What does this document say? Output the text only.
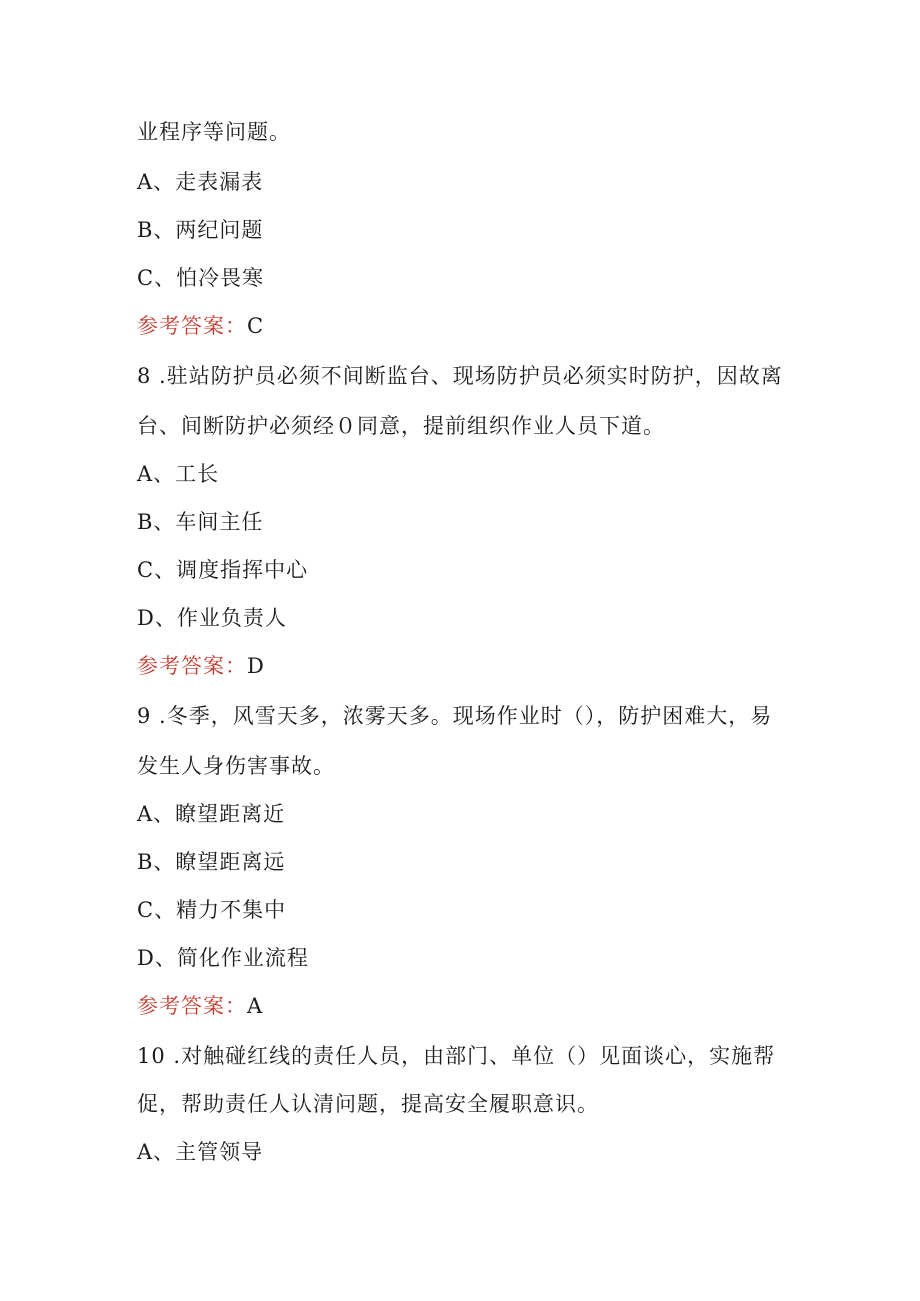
业程序等问题。
A、走表漏表
B、两纪问题
C、怕冷畏寒
参考答案：C
8 .驻站防护员必须不间断监台、现场防护员必须实时防护，因故离
台、间断防护必须经０同意，提前组织作业人员下道。
A、工长
B、车间主任
C、调度指挥中心
D、作业负责人
参考答案：D
9 .冬季，风雪天多，浓雾天多。现场作业时（），防护困难大，易
发生人身伤害事故。
A、瞭望距离近
B、瞭望距离远
C、精力不集中
D、简化作业流程
参考答案：A
10 .对触碰红线的责任人员，由部门、单位（）见面谈心，实施帮
促，帮助责任人认清问题，提高安全履职意识。
A、主管领导
